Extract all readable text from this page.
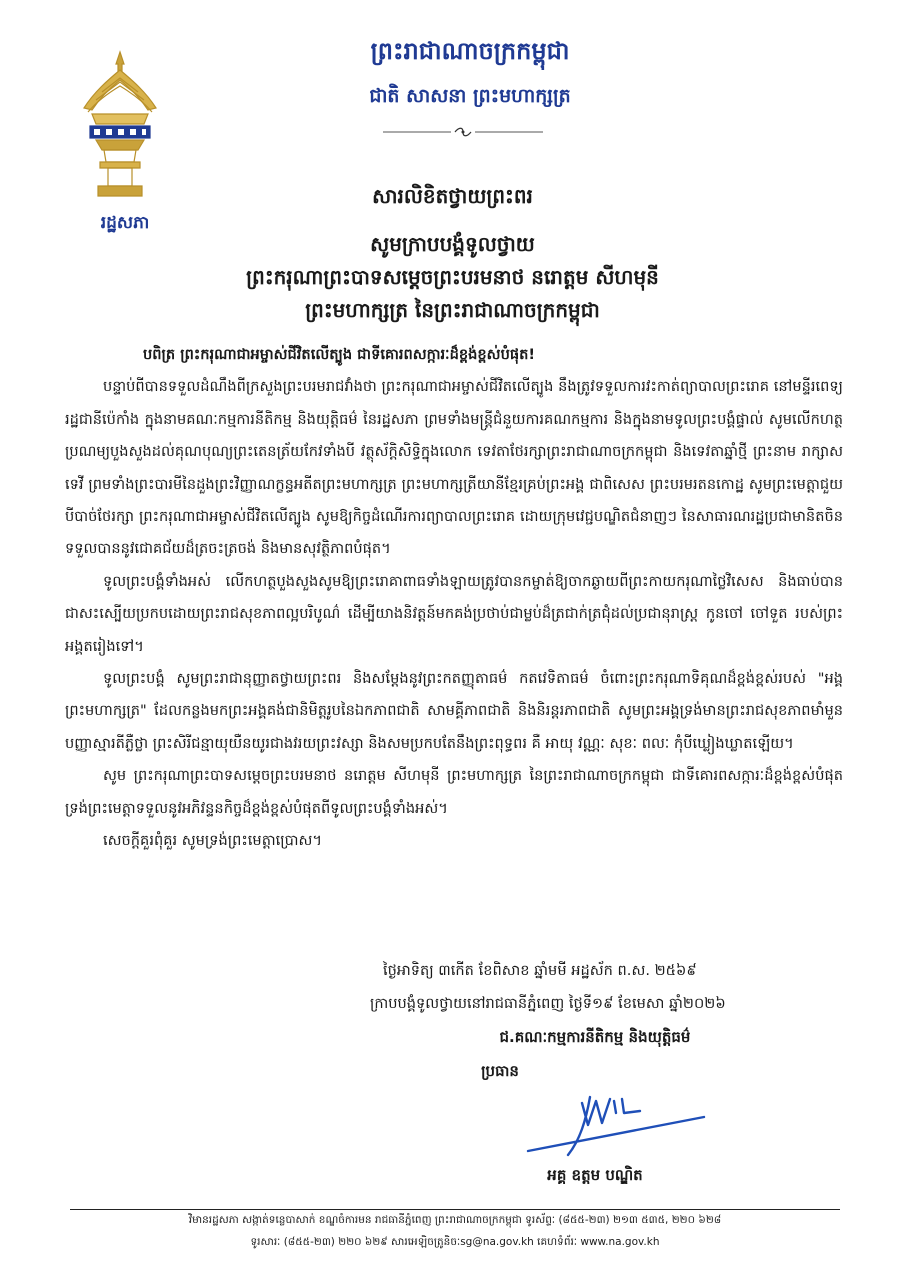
រដ្ឋសភា
ព្រះរាជាណាចក្រកម្ពុជា
ជាតិ សាសនា ព្រះមហាក្សត្រ
សារលិខិតថ្វាយព្រះពរ
សូមក្រាបបង្គំទូលថ្វាយ
ព្រះករុណាព្រះបាទសម្តេចព្រះបរមនាថ នរោត្តម សីហមុនី
ព្រះមហាក្សត្រ នៃព្រះរាជាណាចក្រកម្ពុជា

បពិត្រ ព្រះករុណាជាអម្ចាស់ជីវិតលើត្បូង ជាទីគោរពសក្ការៈដ៏ខ្ពង់ខ្ពស់បំផុត!

បន្ទាប់ពីបានទទួលដំណឹងពីក្រសួងព្រះបរមរាជវាំងថា ព្រះករុណាជាអម្ចាស់ជីវិតលើត្បូង នឹងត្រូវទទួលការវះកាត់ព្យាបាលព្រះរោគ នៅមន្ទីរពេទ្យរដ្ឋជានីប៉េកាំង ក្នុងនាមគណៈកម្មការនីតិកម្ម និងយុត្តិធម៌ នៃរដ្ឋសភា ព្រមទាំងមន្ត្រីជំនួយការគណកម្មការ និងក្នុងនាមទូលព្រះបង្គំផ្ទាល់ សូមលើកហត្ថប្រណម្យបួងសួងដល់គុណបុណ្យព្រះតេនត្រ័យកែវទាំងបី វត្ថុស័ក្តិសិទ្ធិក្នុងលោក ទេវតាថែរក្សាព្រះរាជាណាចក្រកម្ពុជា និងទេវតាឆ្នាំថ្មី ព្រះនាម រាក្សាសទេវី ព្រមទាំងព្រះបារមីនៃដួងព្រះវិញ្ញាណក្ខន្ធអតីតព្រះមហាក្សត្រ ព្រះមហាក្សត្រីយានីខ្មែរគ្រប់ព្រះអង្គ ជាពិសេស ព្រះបរមរតនកោដ្ឋ សូមព្រះមេត្តាជួយបីបាច់ថែរក្សា ព្រះករុណាជាអម្ចាស់ជីវិតលើត្បូង សូមឱ្យកិច្ចដំណើរការព្យាបាលព្រះរោគ ដោយក្រុមវេជ្ជបណ្ឌិតជំនាញៗ នៃសាធារណរដ្ឋប្រជាមានិតចិន ទទួលបាននូវជោគជ័យដ៏ត្រចះត្រចង់ និងមានសុវត្ថិភាពបំផុត។

ទូលព្រះបង្គំទាំងអស់ លើកហត្ថបួងសួងសូមឱ្យព្រះរោគាពាធទាំងឡាយត្រូវបានកម្ចាត់ឱ្យចាកឆ្ងាយពីព្រះកាយករុណាថ្លៃវិសេស និងធាប់បានជាសះស្បើយប្រកបដោយព្រះរាជសុខភាពល្អបរិបូណ៌ ដើម្បីយាងនិវត្តន៍មកគង់ប្រថាប់ជាម្លប់ដ៏ត្រជាក់ត្រជុំដល់ប្រជានុរាស្ត្រ កូនចៅ ចៅទួត របស់ព្រះអង្គតរៀងទៅ។

ទូលព្រះបង្គំ សូមព្រះរាជានុញ្ញាតថ្វាយព្រះពរ និងសម្តែងនូវព្រះកតញ្ញុតាធម៌ កតវេទិតាធម៌ ចំពោះព្រះករុណាទិគុណដ៏ខ្ពង់ខ្ពស់របស់ "អង្គព្រះមហាក្សត្រ" ដែលកន្លងមកព្រះអង្គគង់ជានិមិត្តរូបនៃឯកភាពជាតិ សាមគ្គីភាពជាតិ និងនិរន្តរភាពជាតិ សូមព្រះអង្គទ្រង់មានព្រះរាជសុខភាពមាំមួន បញ្ញាស្មារតីភ្លឺថ្លា ព្រះសិរីជន្មាយុយឺនយូរជាងវរយព្រះវស្សា និងសមប្រកបតែនឹងព្រះពុទ្ធពរ គឺ អាយុ វណ្ណៈ សុខៈ ពលៈ កុំបីឃ្លៀងឃ្លាតឡើយ។

សូម ព្រះករុណាព្រះបាទសម្តេចព្រះបរមនាថ នរោត្តម សីហមុនី ព្រះមហាក្សត្រ នៃព្រះរាជាណាចក្រកម្ពុជា ជាទីគោរពសក្ការៈដ៏ខ្ពង់ខ្ពស់បំផុត ទ្រង់ព្រះមេត្តាទទួលនូវអភិវន្ទនកិច្ចដ៏ខ្ពង់ខ្ពស់បំផុតពីទូលព្រះបង្គំទាំងអស់។

សេចក្តីគួរពុំគួរ សូមទ្រង់ព្រះមេត្តាប្រោស។

ថ្ងៃអាទិត្យ ៣កើត ខែពិសាខ ឆ្នាំមមី អដ្ឋស័ក ព.ស. ២៥៦៩
ក្រាបបង្គំទូលថ្វាយនៅរាជធានីភ្នំពេញ ថ្ងៃទី១៩ ខែមេសា ឆ្នាំ២០២៦
ជ.គណៈកម្មការនីតិកម្ម និងយុត្តិធម៌
ប្រធាន
អគ្គ ឧត្តម បណ្ឌិត
វិមានរដ្ឋសភា សង្កាត់ទន្លេបាសាក់ ខណ្ឌចំការមន រាជធានីភ្នំពេញ ព្រះរាជាណាចក្រកម្ពុជា ទូរស័ព្ទៈ (៨៥៥-២៣) ២១៣ ៥៣៥, ២២០ ៦២៨
ទូរសារៈ (៨៥៥-២៣) ២២០ ៦២៩ សារអេឡិចត្រូនិចៈsg@na.gov.kh គេហទំព័រៈ www.na.gov.kh
